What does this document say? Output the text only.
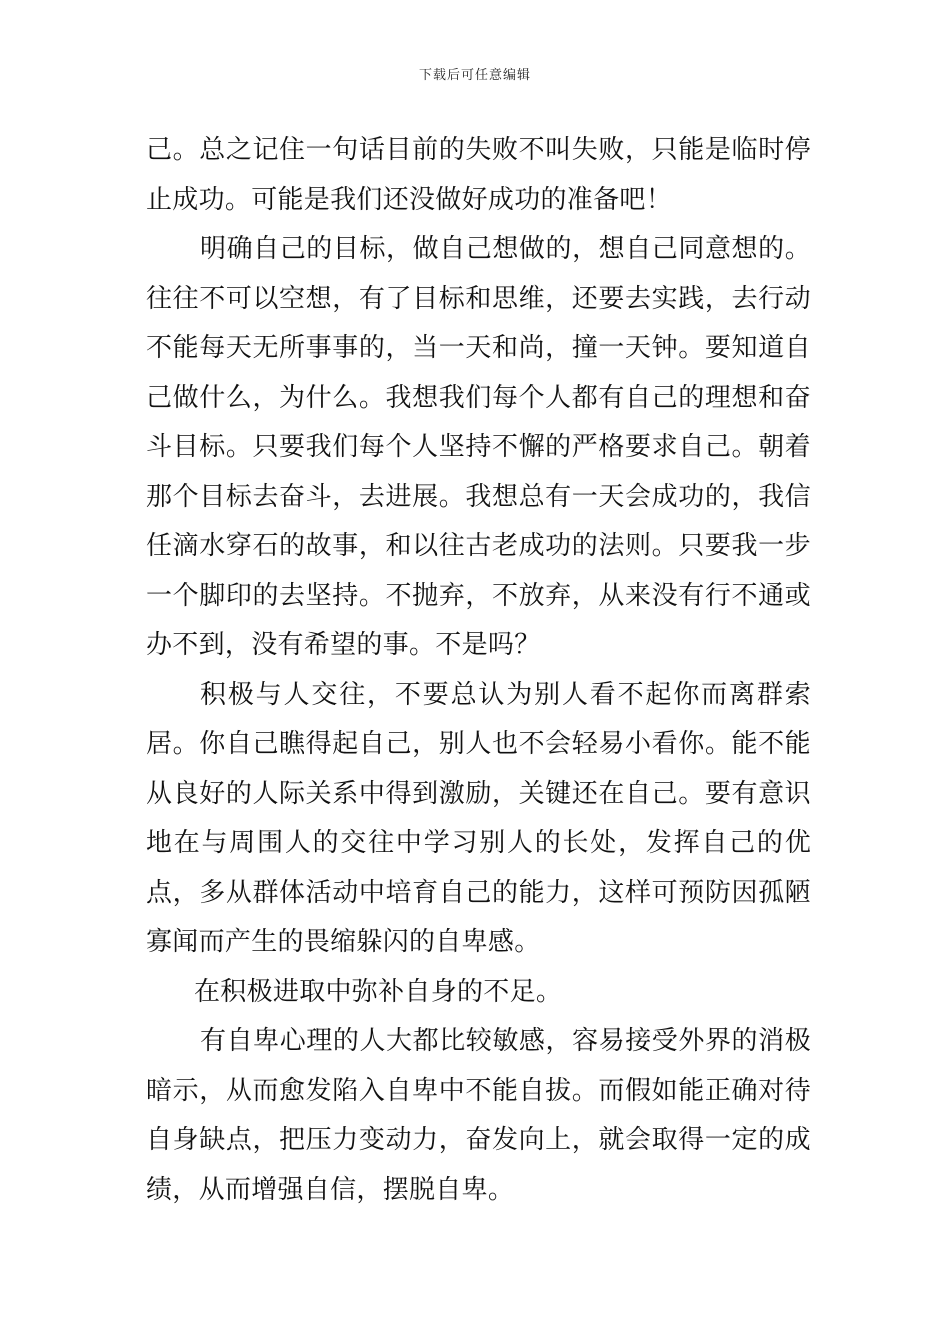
下载后可任意编辑

己。总之记住一句话目前的失败不叫失败，只能是临时停止成功。可能是我们还没做好成功的准备吧！

明确自己的目标，做自己想做的，想自己同意想的。往往不可以空想，有了目标和思维，还要去实践，去行动不能每天无所事事的，当一天和尚，撞一天钟。要知道自己做什么，为什么。我想我们每个人都有自己的理想和奋斗目标。只要我们每个人坚持不懈的严格要求自己。朝着那个目标去奋斗，去进展。我想总有一天会成功的，我信任滴水穿石的故事，和以往古老成功的法则。只要我一步一个脚印的去坚持。不抛弃，不放弃，从来没有行不通或办不到，没有希望的事。不是吗？

积极与人交往，不要总认为别人看不起你而离群索居。你自己瞧得起自己，别人也不会轻易小看你。能不能从良好的人际关系中得到激励，关键还在自己。要有意识地在与周围人的交往中学习别人的长处，发挥自己的优点，多从群体活动中培育自己的能力，这样可预防因孤陋寡闻而产生的畏缩躲闪的自卑感。

在积极进取中弥补自身的不足。

有自卑心理的人大都比较敏感，容易接受外界的消极暗示，从而愈发陷入自卑中不能自拔。而假如能正确对待自身缺点，把压力变动力，奋发向上，就会取得一定的成绩，从而增强自信，摆脱自卑。
